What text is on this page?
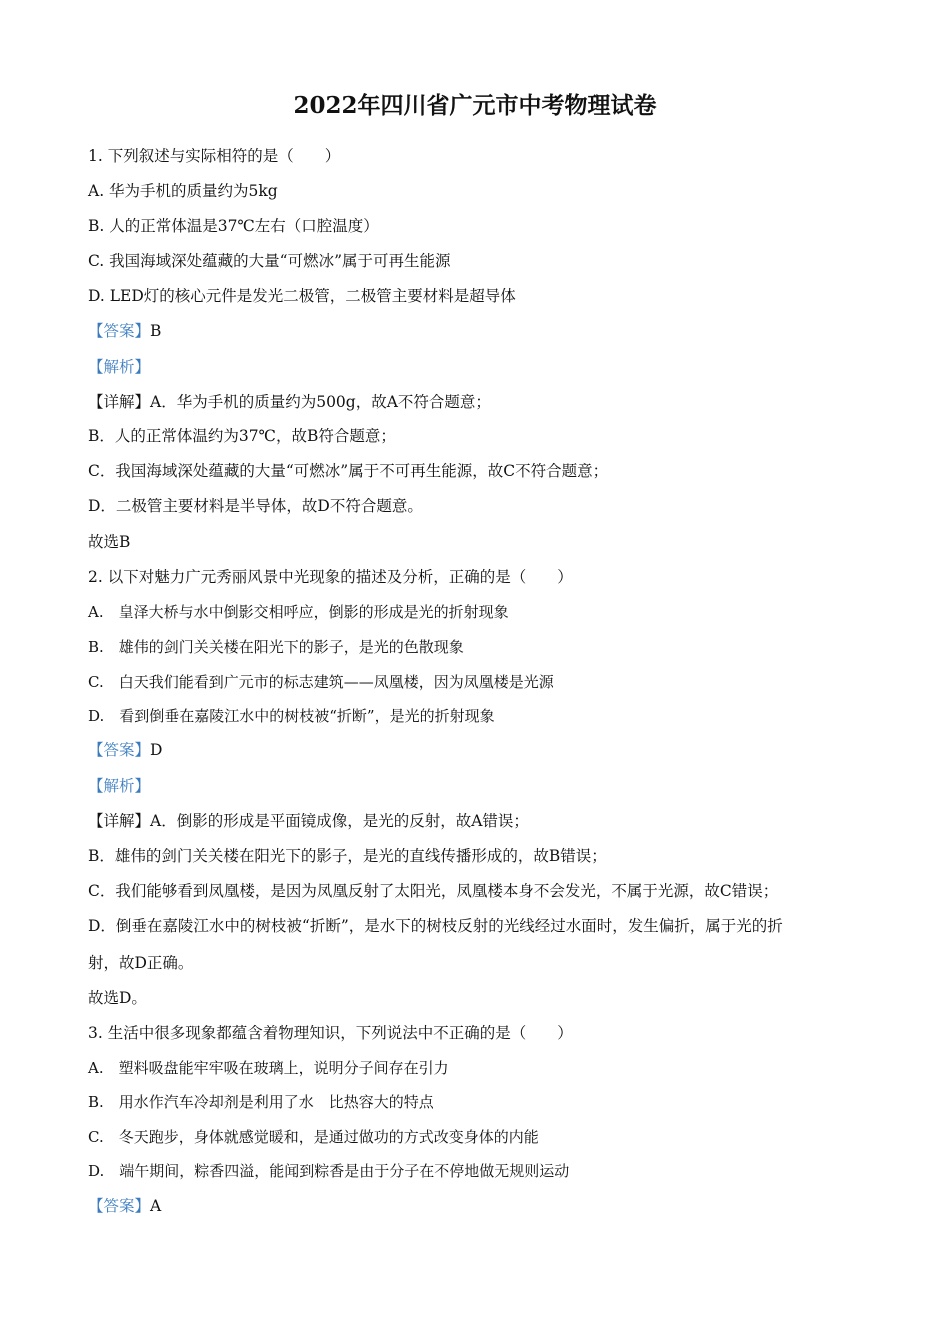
2022年四川省广元市中考物理试卷
1. 下列叙述与实际相符的是（　　）
A. 华为手机的质量约为5kg
B. 人的正常体温是37℃左右（口腔温度）
C. 我国海域深处蕴藏的大量“可燃冰”属于可再生能源
D. LED灯的核心元件是发光二极管，二极管主要材料是超导体
【答案】B
【解析】
【详解】A．华为手机的质量约为500g，故A不符合题意；
B．人的正常体温约为37℃，故B符合题意；
C．我国海域深处蕴藏的大量“可燃冰”属于不可再生能源，故C不符合题意；
D．二极管主要材料是半导体，故D不符合题意。
故选B
2. 以下对魅力广元秀丽风景中光现象的描述及分析，正确的是（　　）
A.　皇泽大桥与水中倒影交相呼应，倒影的形成是光的折射现象
B.　雄伟的剑门关关楼在阳光下的影子，是光的色散现象
C.　白天我们能看到广元市的标志建筑——凤凰楼，因为凤凰楼是光源
D.　看到倒垂在嘉陵江水中的树枝被“折断”，是光的折射现象
【答案】D
【解析】
【详解】A．倒影的形成是平面镜成像，是光的反射，故A错误；
B．雄伟的剑门关关楼在阳光下的影子，是光的直线传播形成的，故B错误；
C．我们能够看到凤凰楼，是因为凤凰反射了太阳光，凤凰楼本身不会发光，不属于光源，故C错误；
D．倒垂在嘉陵江水中的树枝被“折断”，是水下的树枝反射的光线经过水面时，发生偏折，属于光的折
射，故D正确。
故选D。
3. 生活中很多现象都蕴含着物理知识，下列说法中不正确的是（　　）
A.　塑料吸盘能牢牢吸在玻璃上，说明分子间存在引力
B.　用水作汽车冷却剂是利用了水　比热容大的特点
C.　冬天跑步，身体就感觉暖和，是通过做功的方式改变身体的内能
D.　端午期间，粽香四溢，能闻到粽香是由于分子在不停地做无规则运动
【答案】A
